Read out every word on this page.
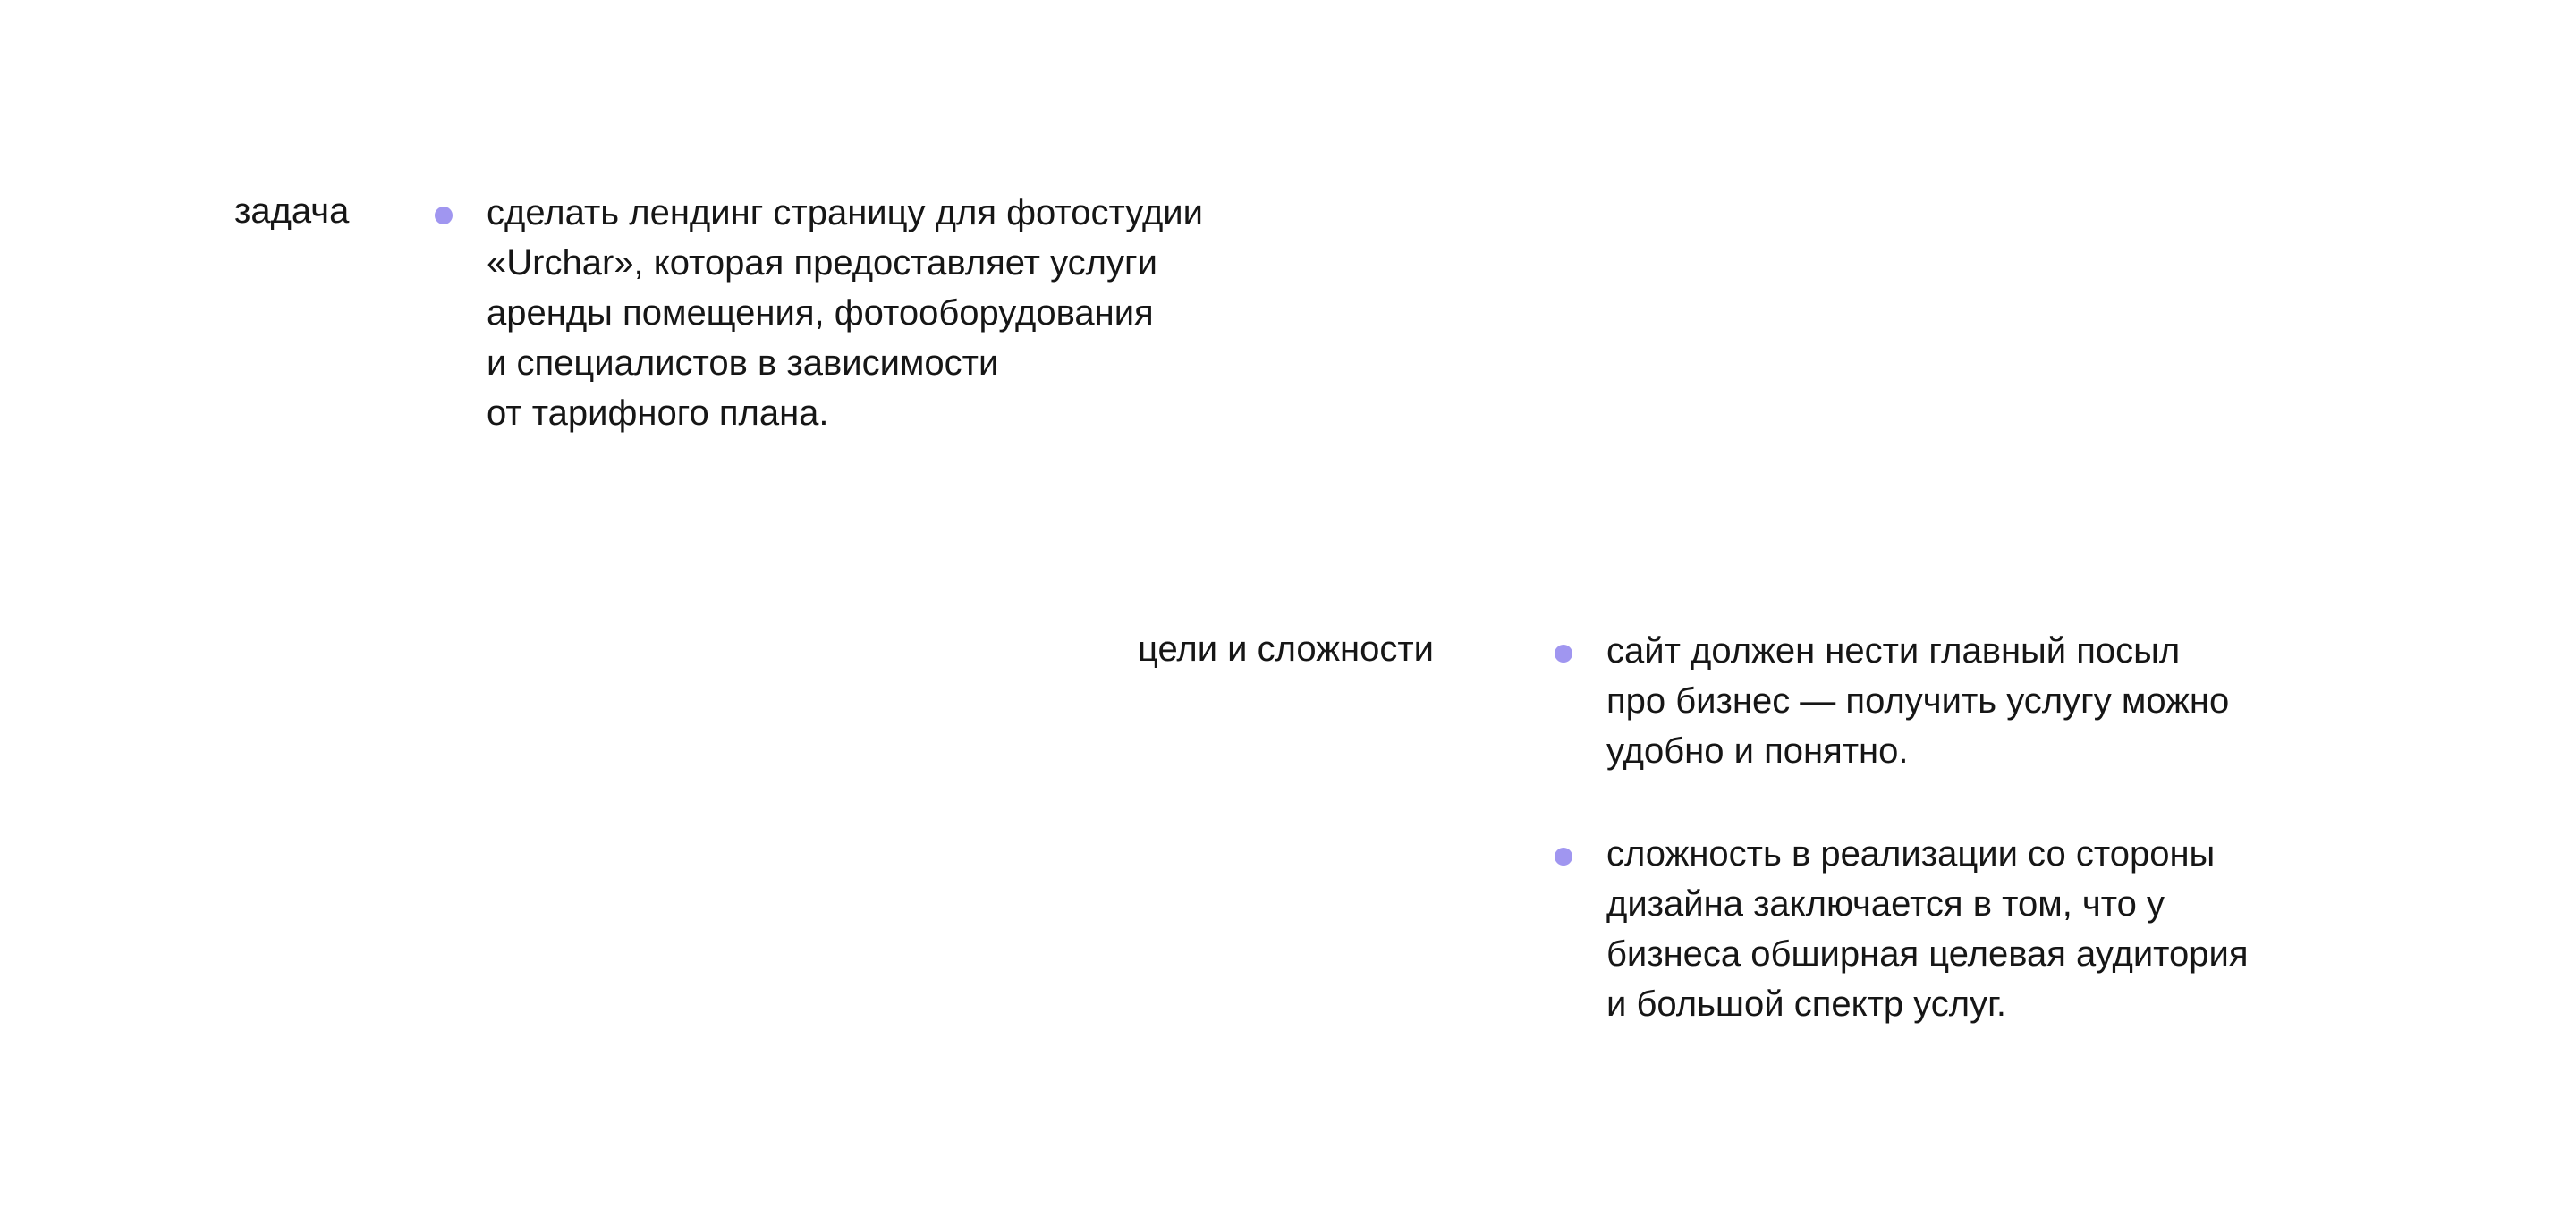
задача	сделать лендинг страницу для фотостудии
«Urchar», которая предоставляет услуги
аренды помещения, фотооборудования
и специалистов в зависимости
от тарифного плана.
цели и сложности	сайт должен нести главный посыл
про бизнес — получить услугу можно
удобно и понятно.
сложность в реализации со стороны
дизайна заключается в том, что у
бизнеса обширная целевая аудитория
и большой спектр услуг.
